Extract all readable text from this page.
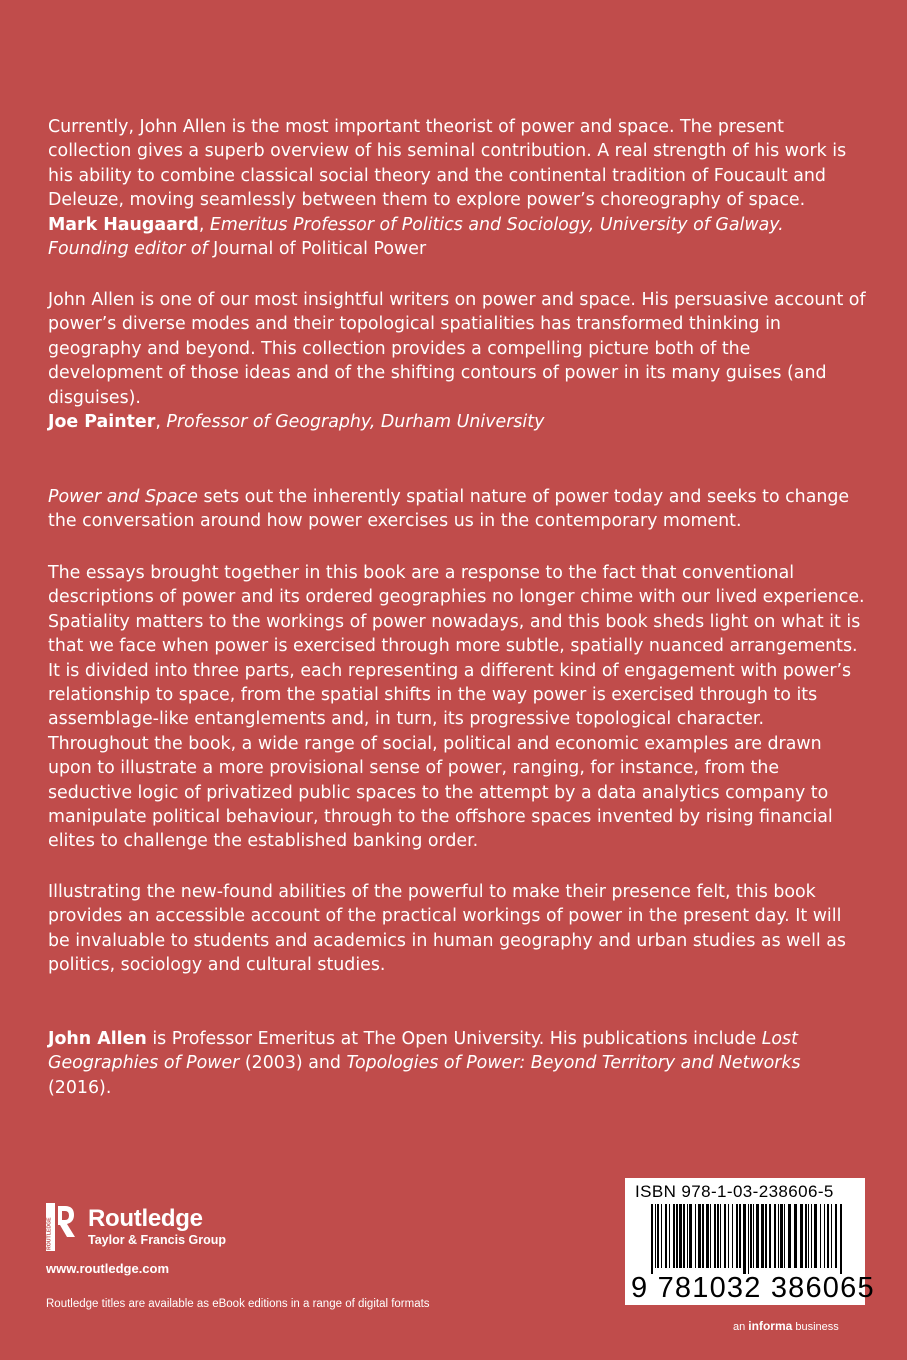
Currently, John Allen is the most important theorist of power and space. The present collection gives a superb overview of his seminal contribution. A real strength of his work is his ability to combine classical social theory and the continental tradition of Foucault and Deleuze, moving seamlessly between them to explore power’s choreography of space.
Mark Haugaard, Emeritus Professor of Politics and Sociology, University of Galway. Founding editor of Journal of Political Power

John Allen is one of our most insightful writers on power and space. His persuasive account of power’s diverse modes and their topological spatialities has transformed thinking in geography and beyond. This collection provides a compelling picture both of the development of those ideas and of the shifting contours of power in its many guises (and disguises).
Joe Painter, Professor of Geography, Durham University

Power and Space sets out the inherently spatial nature of power today and seeks to change the conversation around how power exercises us in the contemporary moment.

The essays brought together in this book are a response to the fact that conventional descriptions of power and its ordered geographies no longer chime with our lived experience. Spatiality matters to the workings of power nowadays, and this book sheds light on what it is that we face when power is exercised through more subtle, spatially nuanced arrangements. It is divided into three parts, each representing a different kind of engagement with power’s relationship to space, from the spatial shifts in the way power is exercised through to its assemblage-like entanglements and, in turn, its progressive topological character. Throughout the book, a wide range of social, political and economic examples are drawn upon to illustrate a more provisional sense of power, ranging, for instance, from the seductive logic of privatized public spaces to the attempt by a data analytics company to manipulate political behaviour, through to the offshore spaces invented by rising financial elites to challenge the established banking order.

Illustrating the new-found abilities of the powerful to make their presence felt, this book provides an accessible account of the practical workings of power in the present day. It will be invaluable to students and academics in human geography and urban studies as well as politics, sociology and cultural studies.

John Allen is Professor Emeritus at The Open University. His publications include Lost Geographies of Power (2003) and Topologies of Power: Beyond Territory and Networks (2016).

ROUTLEDGE Routledge
Taylor & Francis Group
www.routledge.com
Routledge titles are available as eBook editions in a range of digital formats
ISBN 978-1-03-238606-5
9 781032 386065
an informa business
